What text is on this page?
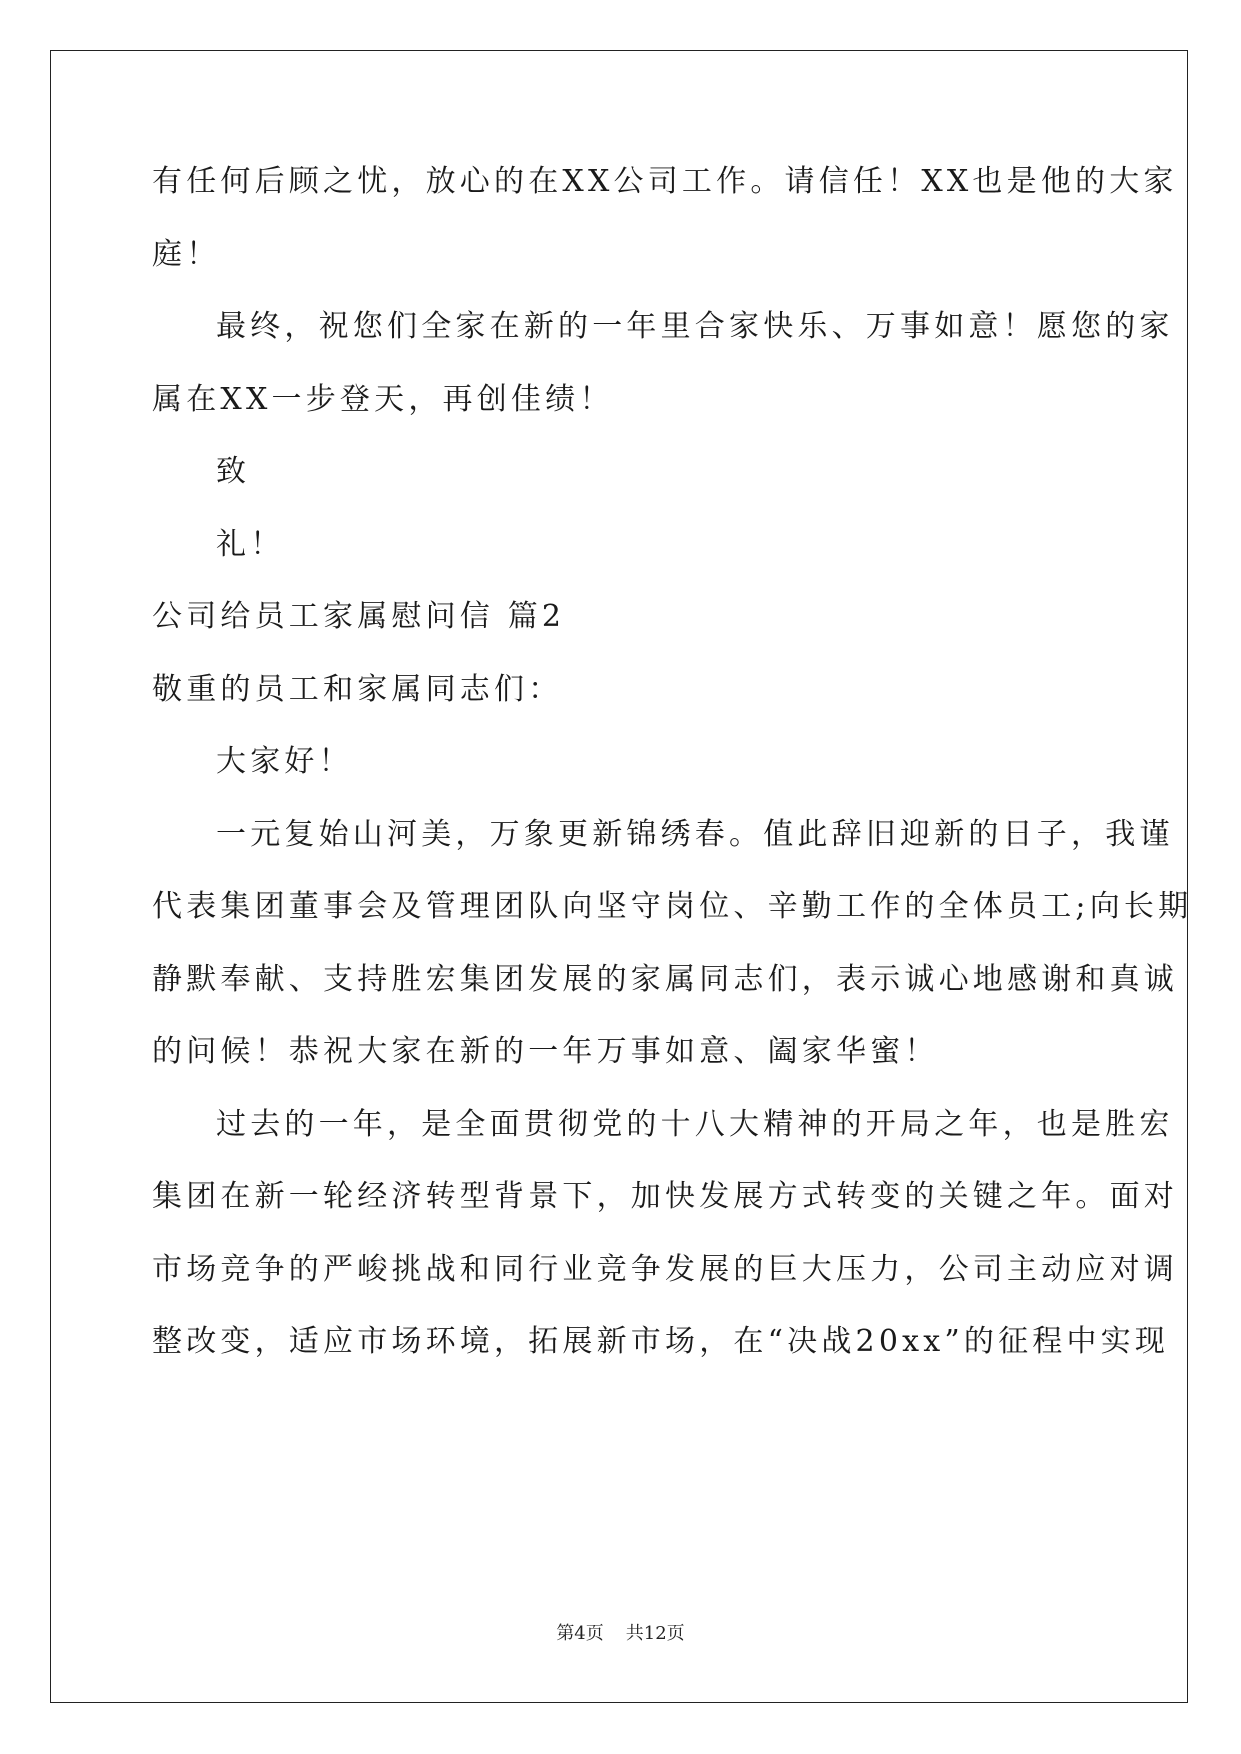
有任何后顾之忧，放心的在XX公司工作。请信任！XX也是他的大家
庭！
最终，祝您们全家在新的一年里合家快乐、万事如意！愿您的家
属在XX一步登天，再创佳绩！
致
礼！
公司给员工家属慰问信 篇2
敬重的员工和家属同志们：
大家好！
一元复始山河美，万象更新锦绣春。值此辞旧迎新的日子，我谨
代表集团董事会及管理团队向坚守岗位、辛勤工作的全体员工;向长期
静默奉献、支持胜宏集团发展的家属同志们，表示诚心地感谢和真诚
的问候！恭祝大家在新的一年万事如意、阖家华蜜！
过去的一年，是全面贯彻党的十八大精神的开局之年，也是胜宏
集团在新一轮经济转型背景下，加快发展方式转变的关键之年。面对
市场竞争的严峻挑战和同行业竞争发展的巨大压力，公司主动应对调
整改变，适应市场环境，拓展新市场，在“决战20xx”的征程中实现
第4页 共12页
